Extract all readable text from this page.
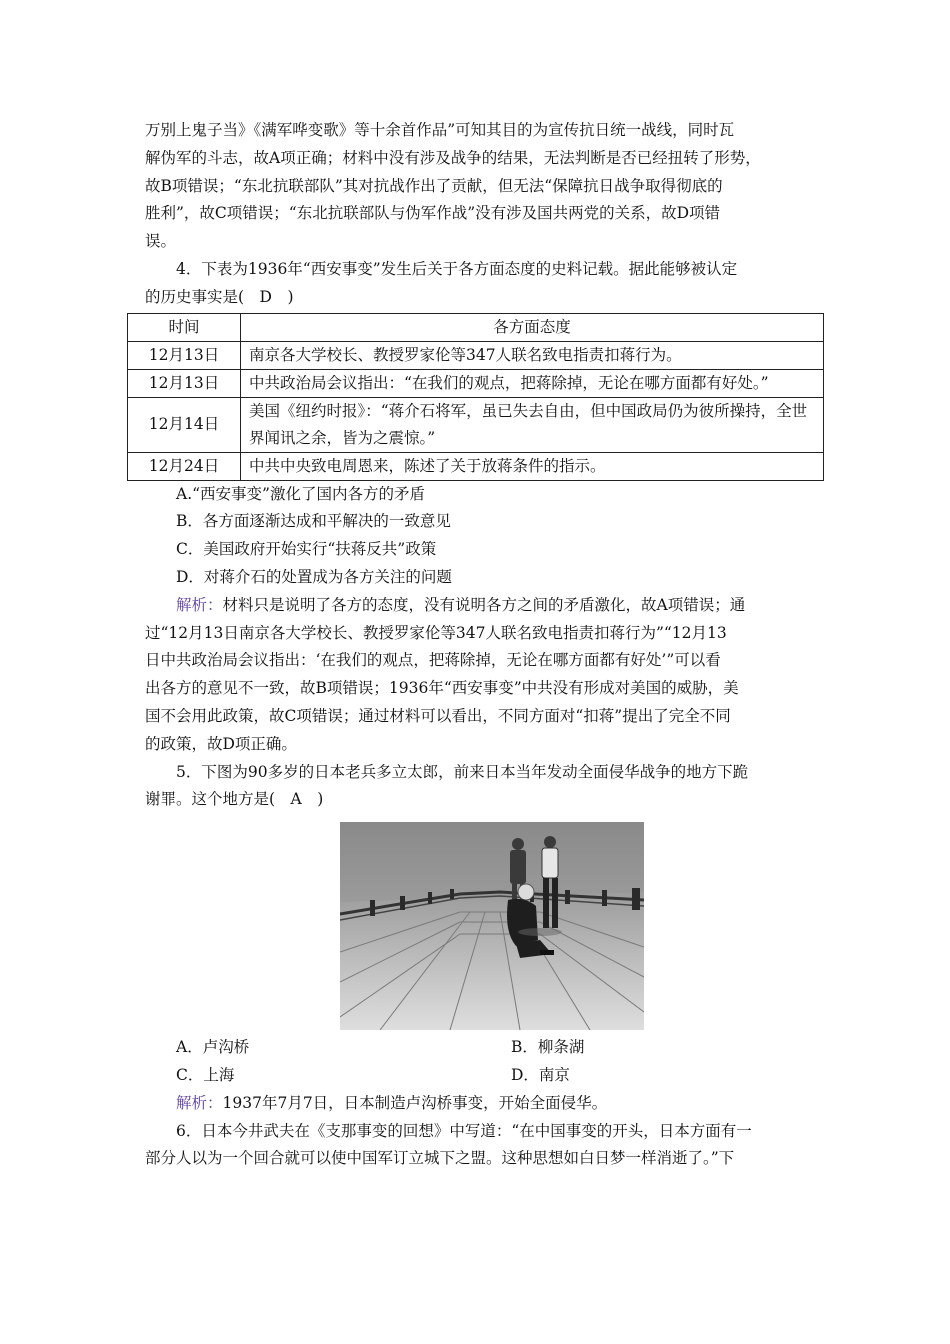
万别上鬼子当》《满军哗变歌》等十余首作品”可知其目的为宣传抗日统一战线，同时瓦

解伪军的斗志，故A项正确；材料中没有涉及战争的结果，无法判断是否已经扭转了形势，

故B项错误；“东北抗联部队”其对抗战作出了贡献，但无法“保障抗日战争取得彻底的

胜利”，故C项错误；“东北抗联部队与伪军作战”没有涉及国共两党的关系，故D项错

误。

4．下表为1936年“西安事变”发生后关于各方面态度的史料记载。据此能够被认定

的历史事实是(　D　)

时间	各方面态度
12月13日	南京各大学校长、教授罗家伦等347人联名致电指责扣蒋行为。
12月13日	中共政治局会议指出：“在我们的观点，把蒋除掉，无论在哪方面都有好处。”
12月14日	美国《纽约时报》：“蒋介石将军，虽已失去自由，但中国政局仍为彼所操持，全世界闻讯之余，皆为之震惊。”
12月24日	中共中央致电周恩来，陈述了关于放蒋条件的指示。

A.“西安事变”激化了国内各方的矛盾

B．各方面逐渐达成和平解决的一致意见

C．美国政府开始实行“扶蒋反共”政策

D．对蒋介石的处置成为各方关注的问题

解析：材料只是说明了各方的态度，没有说明各方之间的矛盾激化，故A项错误；通

过“12月13日南京各大学校长、教授罗家伦等347人联名致电指责扣蒋行为”“12月13

日中共政治局会议指出：‘在我们的观点，把蒋除掉，无论在哪方面都有好处’”可以看

出各方的意见不一致，故B项错误；1936年“西安事变”中共没有形成对美国的威胁，美

国不会用此政策，故C项错误；通过材料可以看出，不同方面对“扣蒋”提出了完全不同

的政策，故D项正确。

5．下图为90多岁的日本老兵多立太郎，前来日本当年发动全面侵华战争的地方下跪

谢罪。这个地方是(　A　)

A．卢沟桥	B．柳条湖
C．上海	D．南京

解析：1937年7月7日，日本制造卢沟桥事变，开始全面侵华。

6．日本今井武夫在《支那事变的回想》中写道：“在中国事变的开头，日本方面有一

部分人以为一个回合就可以使中国军订立城下之盟。这种思想如白日梦一样消逝了。”下
